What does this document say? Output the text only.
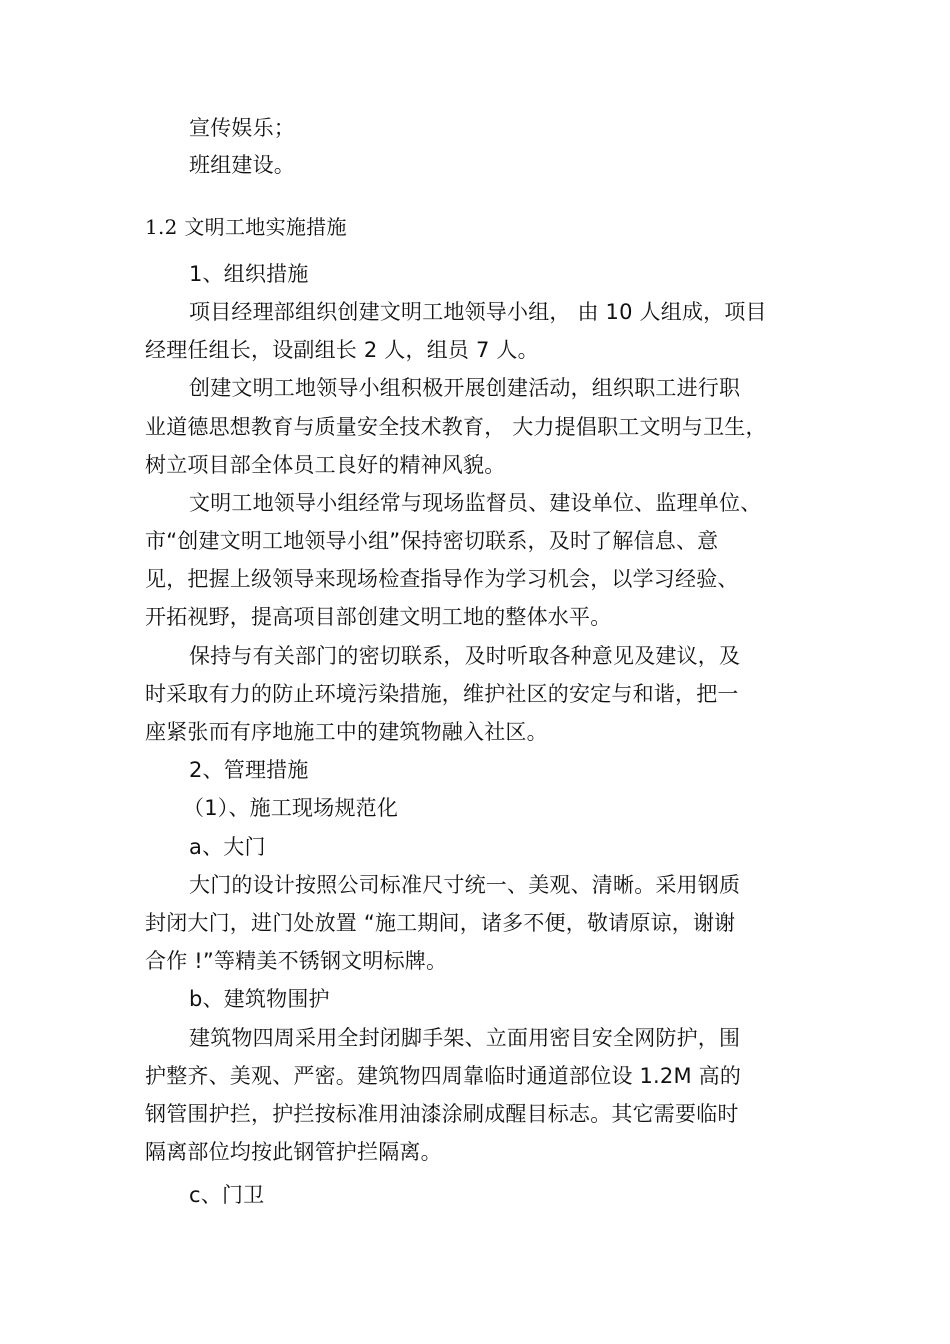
宣传娱乐；
班组建设。
1.2 文明工地实施措施
1、组织措施
项目经理部组织创建文明工地领导小组， 由 10 人组成，项目
经理任组长，设副组长 2 人，组员 7 人。
创建文明工地领导小组积极开展创建活动，组织职工进行职
业道德思想教育与质量安全技术教育， 大力提倡职工文明与卫生，
树立项目部全体员工良好的精神风貌。
文明工地领导小组经常与现场监督员、建设单位、监理单位、
市“创建文明工地领导小组”保持密切联系，及时了解信息、意
见，把握上级领导来现场检查指导作为学习机会，以学习经验、
开拓视野，提高项目部创建文明工地的整体水平。
保持与有关部门的密切联系，及时听取各种意见及建议，及
时采取有力的防止环境污染措施，维护社区的安定与和谐，把一
座紧张而有序地施工中的建筑物融入社区。
2、管理措施
（1）、施工现场规范化
a、大门
大门的设计按照公司标准尺寸统一、美观、清晰。采用钢质
封闭大门，进门处放置 “施工期间，诸多不便，敬请原谅，谢谢
合作 !”等精美不锈钢文明标牌。
b、建筑物围护
建筑物四周采用全封闭脚手架、立面用密目安全网防护，围
护整齐、美观、严密。建筑物四周靠临时通道部位设 1.2M 高的
钢管围护拦，护拦按标准用油漆涂刷成醒目标志。其它需要临时
隔离部位均按此钢管护拦隔离。
c、门卫
